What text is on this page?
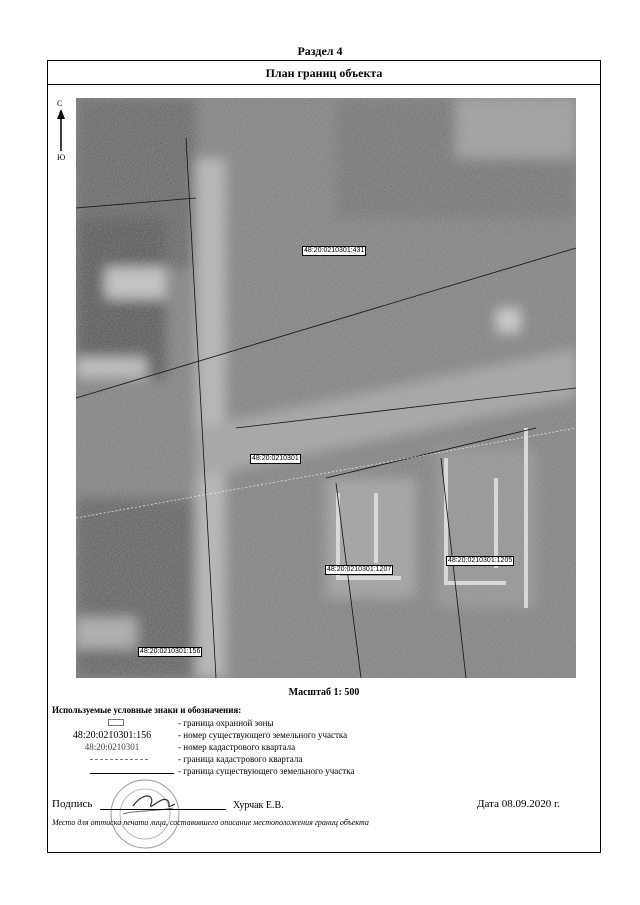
Раздел 4
План границ объекта
С
Ю
48:20:0210301:431
48:20:0210301
48:20:0210301:1207
48:20:0210301:1205
48:20:0210301:156
Масштаб 1: 500
Используемые условные знаки и обозначения:
- граница охранной зоны
48:20:0210301:156	- номер существующего земельного участка
48:20:0210301	- номер кадастрового квартала
- граница кадастрового квартала
- граница существующего земельного участка
Подпись	Хурчак Е.В.	Дата 08.09.2020 г.
Место для оттиска печати лица, составившего описание местоположения границ объекта
